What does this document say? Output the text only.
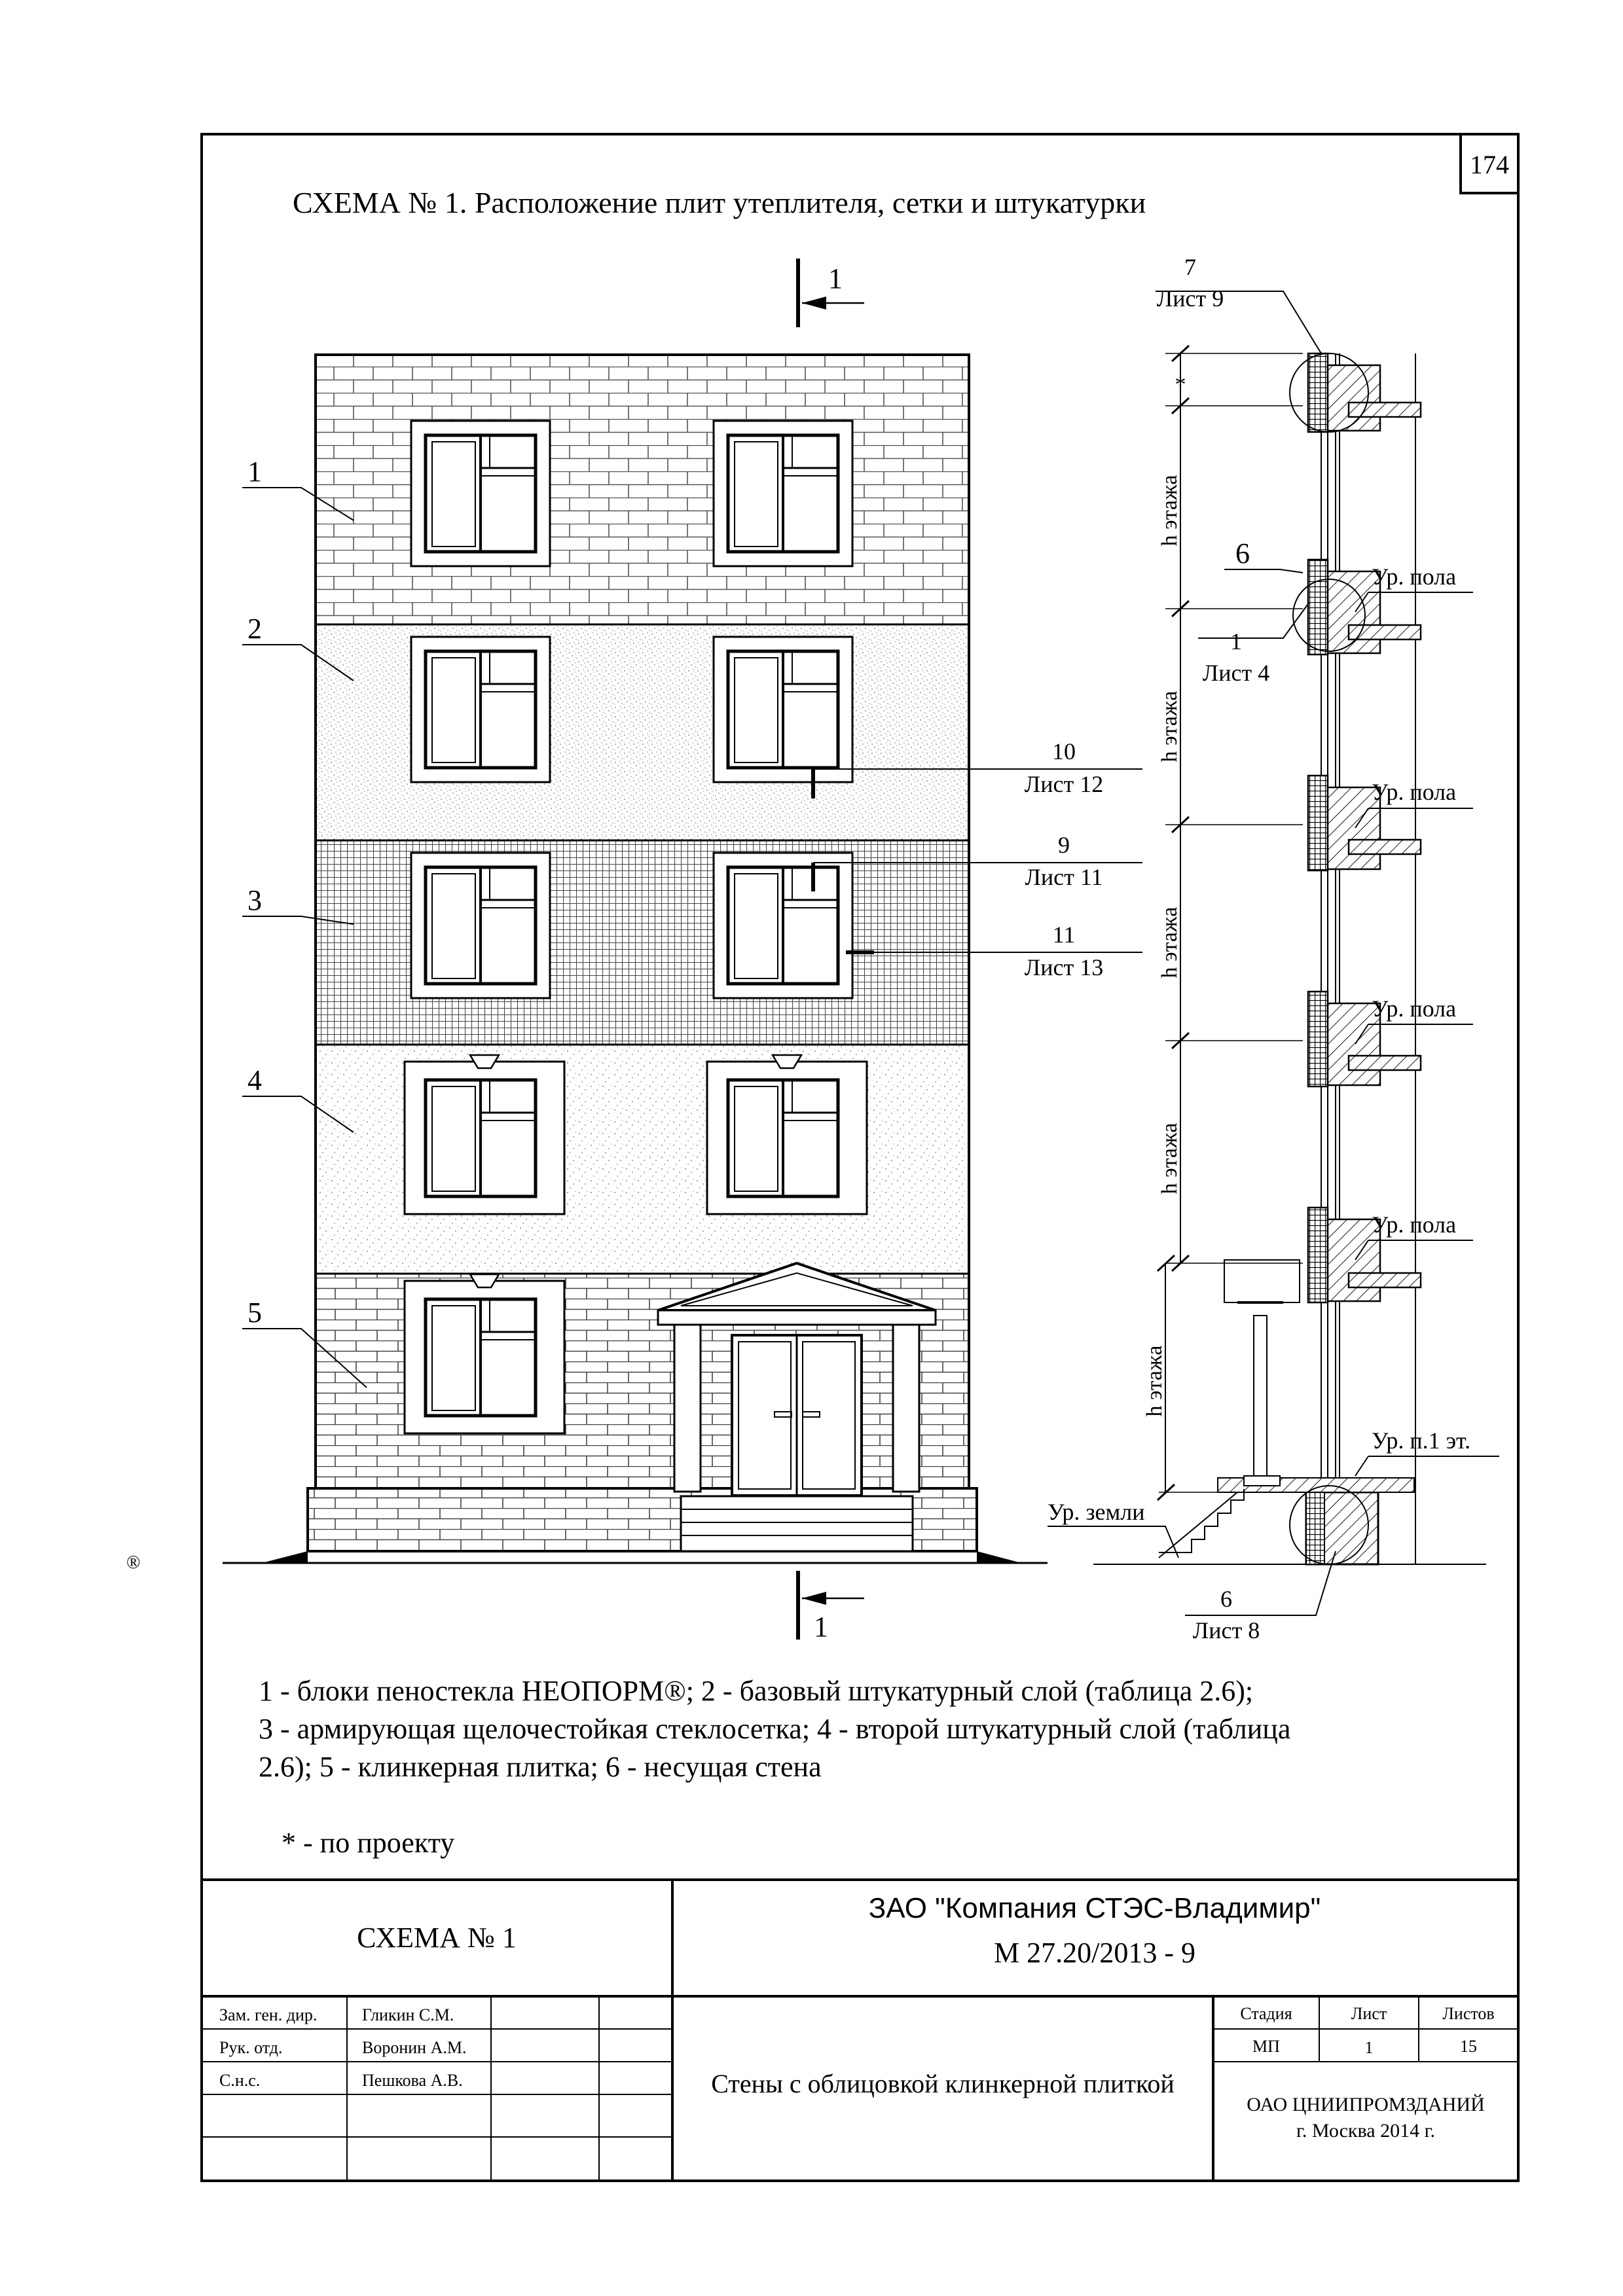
174
СХЕМА № 1. Расположение плит утеплителя, сетки и штукатурки
1
1
1
2
3
4
5
10
Лист 12
9
Лист 11
11
Лист 13
*
h этажа
h этажа
h этажа
h этажа
h этажа
Ур. пола
Ур. пола
Ур. пола
Ур. пола
Ур. п.1 эт.
Ур. земли
7
Лист 9
1
Лист 4
6
Лист 8
6
СХЕМА № 1
ЗАО "Компания СТЭС-Владимир"
М 27.20/2013 - 9
Зам. ген. дир.	Гликин С.М.
Рук. отд.	Воронин А.М.
С.н.с.	Пешкова А.В.	Стены с облицовкой клинкерной плиткой
Стадия	Лист	Листов
МП	1	15
ОАО ЦНИИПРОМЗДАНИЙ
г. Москва 2014 г.
®
1 - блоки пеностекла НЕОПОРМ®; 2 - базовый штукатурный слой (таблица 2.6);
3 - армирующая щелочестойкая стеклосетка; 4 - второй штукатурный слой (таблица
2.6); 5 - клинкерная плитка; 6 - несущая стена
* - по проекту
